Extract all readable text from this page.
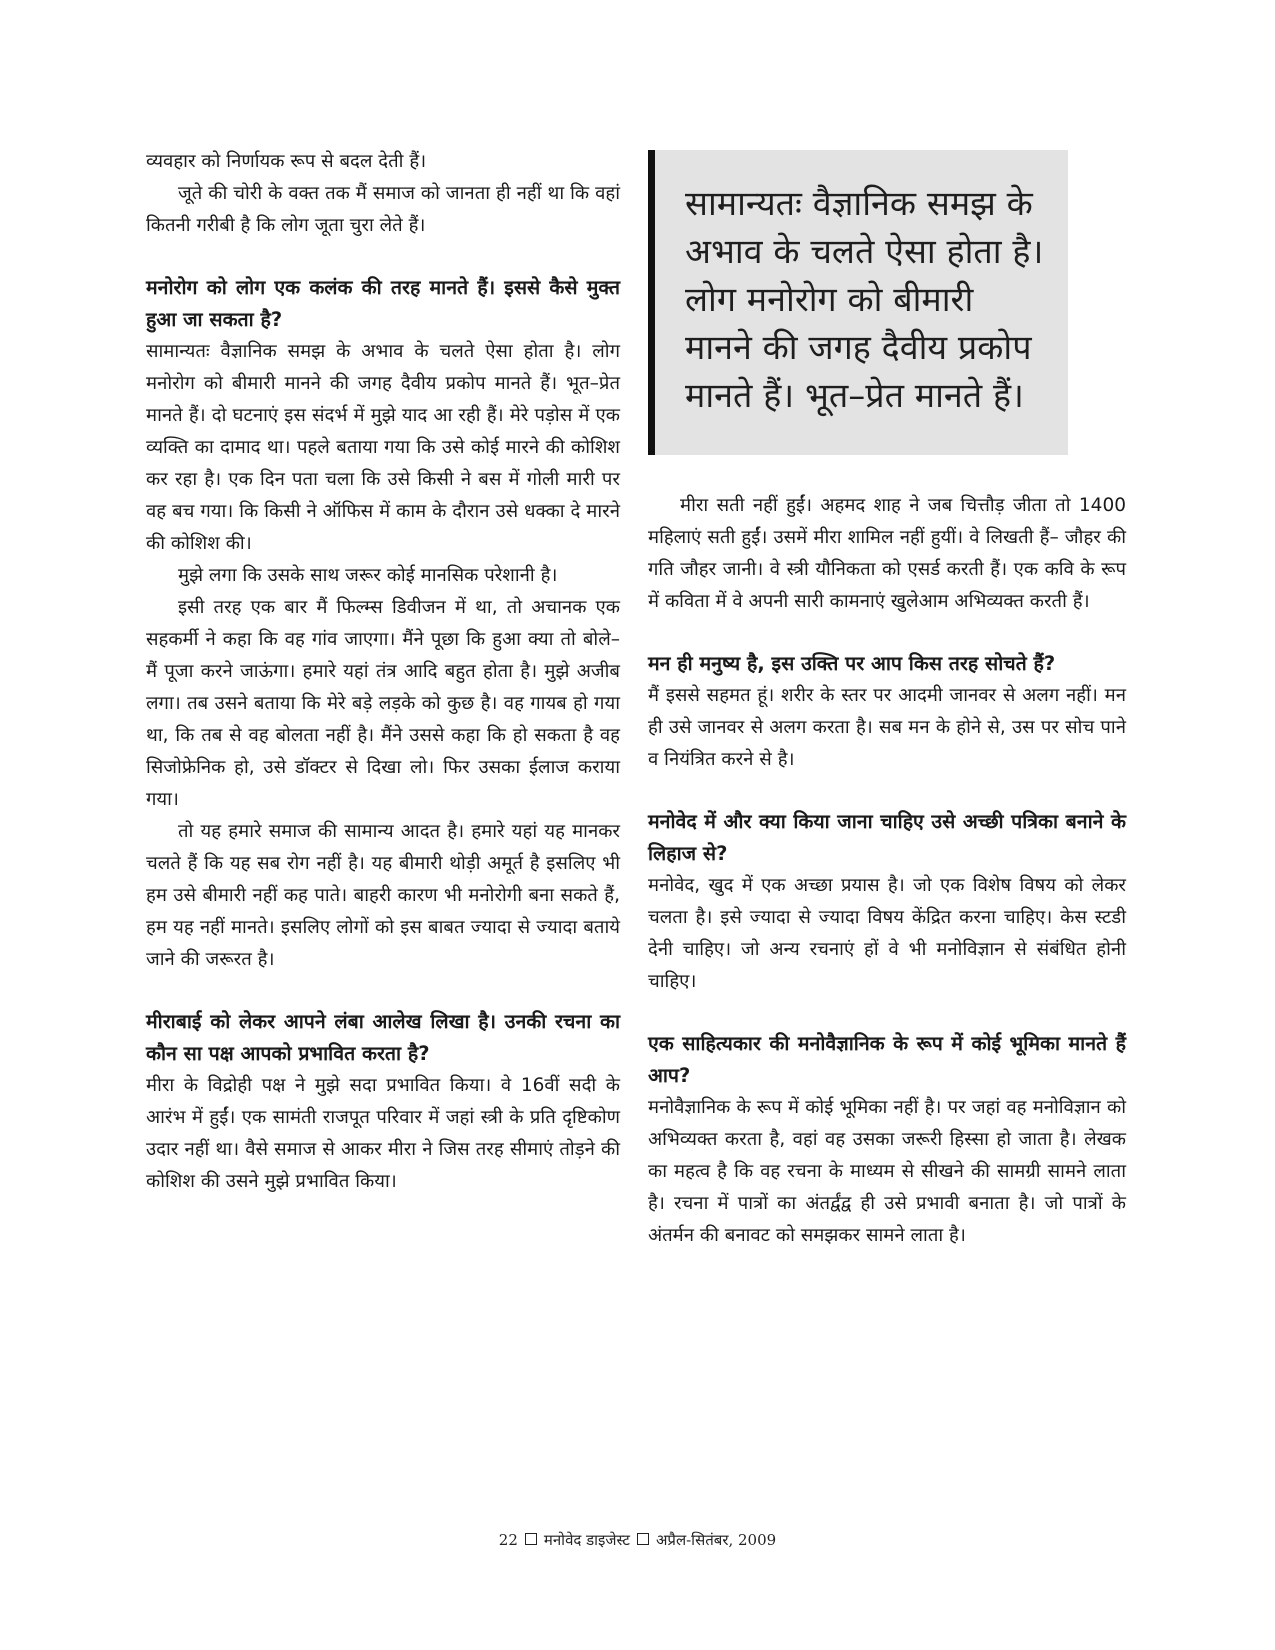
व्यवहार को निर्णायक रूप से बदल देती हैं।

जूते की चोरी के वक्त तक मैं समाज को जानता ही नहीं था कि वहां कितनी गरीबी है कि लोग जूता चुरा लेते हैं।

मनोरोग को लोग एक कलंक की तरह मानते हैं। इससे कैसे मुक्त हुआ जा सकता है?

सामान्यतः वैज्ञानिक समझ के अभाव के चलते ऐसा होता है। लोग मनोरोग को बीमारी मानने की जगह दैवीय प्रकोप मानते हैं। भूत–प्रेत मानते हैं। दो घटनाएं इस संदर्भ में मुझे याद आ रही हैं। मेरे पड़ोस में एक व्यक्ति का दामाद था। पहले बताया गया कि उसे कोई मारने की कोशिश कर रहा है। एक दिन पता चला कि उसे किसी ने बस में गोली मारी पर वह बच गया। कि किसी ने ऑफिस में काम के दौरान उसे धक्का दे मारने की कोशिश की।

मुझे लगा कि उसके साथ जरूर कोई मानसिक परेशानी है।

इसी तरह एक बार मैं फिल्म्स डिवीजन में था, तो अचानक एक सहकर्मी ने कहा कि वह गांव जाएगा। मैंने पूछा कि हुआ क्या तो बोले– मैं पूजा करने जाऊंगा। हमारे यहां तंत्र आदि बहुत होता है। मुझे अजीब लगा। तब उसने बताया कि मेरे बड़े लड़के को कुछ है। वह गायब हो गया था, कि तब से वह बोलता नहीं है। मैंने उससे कहा कि हो सकता है वह सिजोफ्रेनिक हो, उसे डॉक्टर से दिखा लो। फिर उसका ईलाज कराया गया।

तो यह हमारे समाज की सामान्य आदत है। हमारे यहां यह मानकर चलते हैं कि यह सब रोग नहीं है। यह बीमारी थोड़ी अमूर्त है इसलिए भी हम उसे बीमारी नहीं कह पाते। बाहरी कारण भी मनोरोगी बना सकते हैं, हम यह नहीं मानते। इसलिए लोगों को इस बाबत ज्यादा से ज्यादा बताये जाने की जरूरत है।

मीराबाई को लेकर आपने लंबा आलेख लिखा है। उनकी रचना का कौन सा पक्ष आपको प्रभावित करता है?

मीरा के विद्रोही पक्ष ने मुझे सदा प्रभावित किया। वे 16वीं सदी के आरंभ में हुईं। एक सामंती राजपूत परिवार में जहां स्त्री के प्रति दृष्टिकोण उदार नहीं था। वैसे समाज से आकर मीरा ने जिस तरह सीमाएं तोड़ने की कोशिश की उसने मुझे प्रभावित किया।

सामान्यतः वैज्ञानिक समझ के अभाव के चलते ऐसा होता है। लोग मनोरोग को बीमारी मानने की जगह दैवीय प्रकोप मानते हैं। भूत–प्रेत मानते हैं।

मीरा सती नहीं हुईं। अहमद शाह ने जब चित्तौड़ जीता तो 1400 महिलाएं सती हुईं। उसमें मीरा शामिल नहीं हुयीं। वे लिखती हैं– जौहर की गति जौहर जानी। वे स्त्री यौनिकता को एसर्ड करती हैं। एक कवि के रूप में कविता में वे अपनी सारी कामनाएं खुलेआम अभिव्यक्त करती हैं।

मन ही मनुष्य है, इस उक्ति पर आप किस तरह सोचते हैं?

मैं इससे सहमत हूं। शरीर के स्तर पर आदमी जानवर से अलग नहीं। मन ही उसे जानवर से अलग करता है। सब मन के होने से, उस पर सोच पाने व नियंत्रित करने से है।

मनोवेद में और क्या किया जाना चाहिए उसे अच्छी पत्रिका बनाने के लिहाज से?

मनोवेद, खुद में एक अच्छा प्रयास है। जो एक विशेष विषय को लेकर चलता है। इसे ज्यादा से ज्यादा विषय केंद्रित करना चाहिए। केस स्टडी देनी चाहिए। जो अन्य रचनाएं हों वे भी मनोविज्ञान से संबंधित होनी चाहिए।

एक साहित्यकार की मनोवैज्ञानिक के रूप में कोई भूमिका मानते हैं आप?

मनोवैज्ञानिक के रूप में कोई भूमिका नहीं है। पर जहां वह मनोविज्ञान को अभिव्यक्त करता है, वहां वह उसका जरूरी हिस्सा हो जाता है। लेखक का महत्व है कि वह रचना के माध्यम से सीखने की सामग्री सामने लाता है। रचना में पात्रों का अंतर्द्वंद्व ही उसे प्रभावी बनाता है। जो पात्रों के अंतर्मन की बनावट को समझकर सामने लाता है।

22 मनोवेद डाइजेस्ट अप्रैल-सितंबर, 2009
